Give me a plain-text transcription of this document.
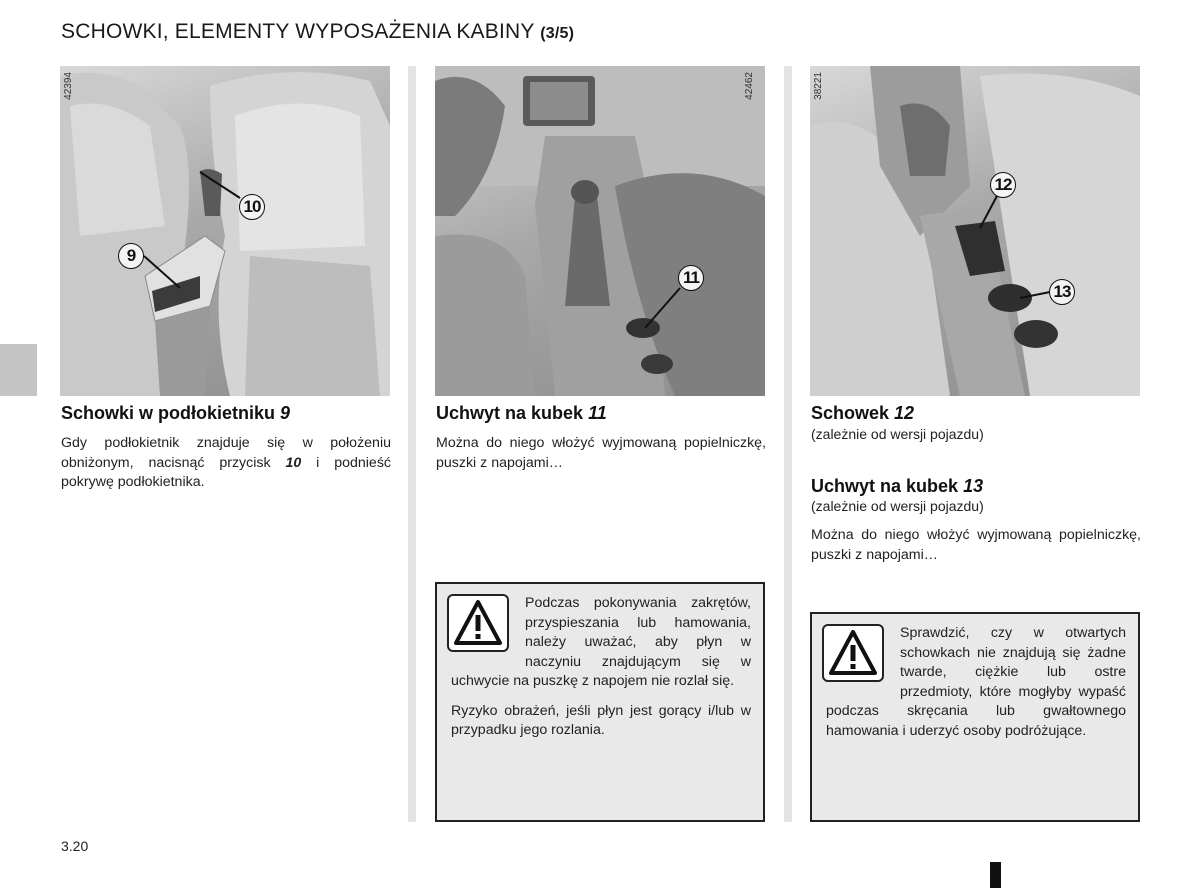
SCHOWKI, ELEMENTY WYPOSAŻENIA KABINY (3/5)
42394
10
9
Schowki w podłokietniku 9
Gdy podłokietnik znajduje się w położeniu obniżonym, nacisnąć przycisk 10 i podnieść pokrywę podłokietnika.
42462
11
Uchwyt na kubek 11
Można do niego włożyć wyjmowaną popielniczkę, puszki z napojami…

Podczas pokonywania zakrętów, przyspieszania lub hamowania, należy uważać, aby płyn w naczyniu znajdującym się w uchwycie na puszkę z napojem nie rozlał się.

Ryzyko obrażeń, jeśli płyn jest gorący i/lub w przypadku jego rozlania.

38221
12
13
Schowek 12
(zależnie od wersji pojazdu)
Uchwyt na kubek 13
(zależnie od wersji pojazdu)
Można do niego włożyć wyjmowaną popielniczkę, puszki z napojami…

Sprawdzić, czy w otwartych schowkach nie znajdują się żadne twarde, ciężkie lub ostre przedmioty, które mogłyby wypaść podczas skręcania lub gwałtownego hamowania i uderzyć osoby podróżujące.

3.20
